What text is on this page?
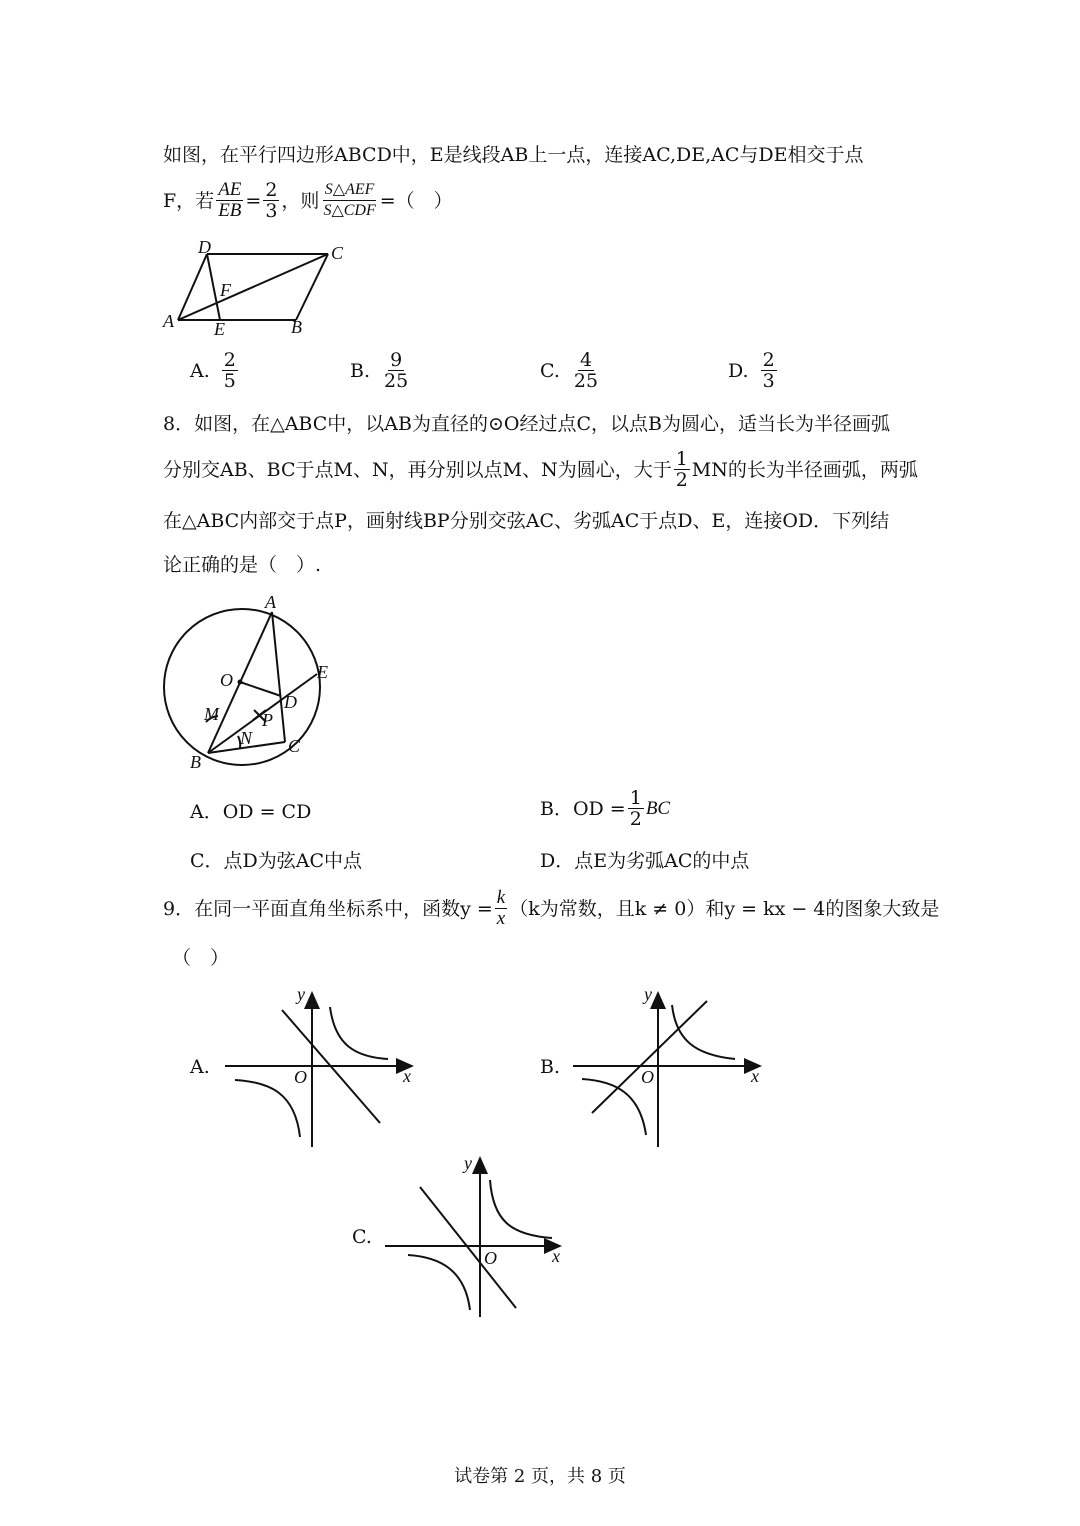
如图，在平行四边形ABCD中，E是线段AB上一点，连接AC,DE,AC与DE相交于点
F，若 $\frac{AE}{EB} = \frac{2}{3}$ ，则 $\frac{\text{S△AEF}}{\text{S△CDF}}$ =（　）
D	C
F
A E	B
A. $\frac{2}{5}$	B. $\frac{9}{25}$	C. $\frac{4}{25}$	D. $\frac{2}{3}$
8．如图，在△ABC中，以AB为直径的⊙O经过点C，以点B为圆心，适当长为半径画弧
分别交AB、BC于点M、N，再分别以点M、N为圆心，大于 $\frac{1}{2}$ MN的长为半径画弧，两弧
在△ABC内部交于点P，画射线BP分别交弦AC、劣弧AC于点D、E，连接OD．下列结
论正确的是（　）.
A
O	E
D
M P
N C
B
A．OD = CD	B．OD = $\frac{1}{2}$ BC
C．点D为弦AC中点	D．点E为劣弧AC的中点
9．在同一平面直角坐标系中，函数$y = \frac{k}{x} (k$为常数，且k ≠ 0）和y = kx − 4的图象大致是
（　）
A.
y
x
O	B.
y
x
O
C.
y
x
O
试卷第 2 页，共 8 页
